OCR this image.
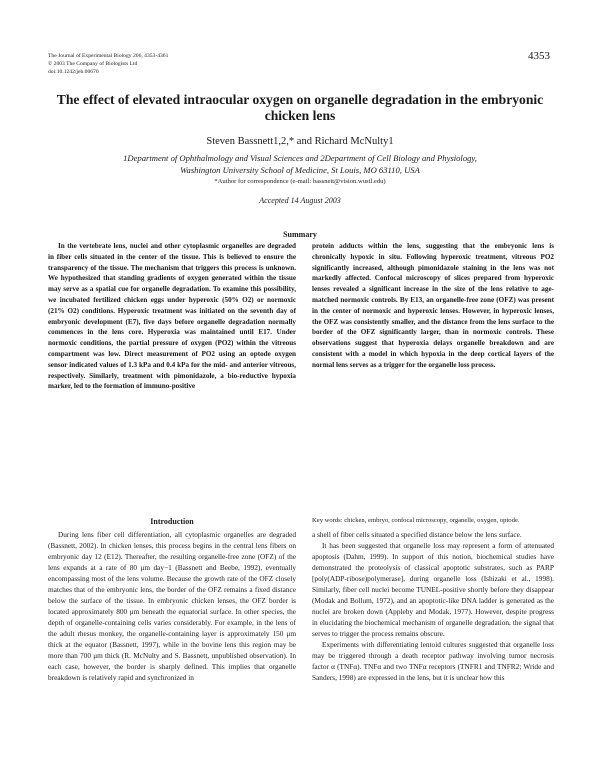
The Journal of Experimental Biology 206, 4353-4361
© 2003 The Company of Biologists Ltd
doi:10.1242/jeb.00670
4353
The effect of elevated intraocular oxygen on organelle degradation in the embryonic chicken lens
Steven Bassnett1,2,* and Richard McNulty1
1Department of Ophthalmology and Visual Sciences and 2Department of Cell Biology and Physiology,
Washington University School of Medicine, St Louis, MO 63110, USA
*Author for correspondence (e-mail: bassnett@vision.wustl.edu)
Accepted 14 August 2003
Summary

In the vertebrate lens, nuclei and other cytoplasmic organelles are degraded in fiber cells situated in the center of the tissue. This is believed to ensure the transparency of the tissue. The mechanism that triggers this process is unknown. We hypothesized that standing gradients of oxygen generated within the tissue may serve as a spatial cue for organelle degradation. To examine this possibility, we incubated fertilized chicken eggs under hyperoxic (50% O2) or normoxic (21% O2) conditions. Hyperoxic treatment was initiated on the seventh day of embryonic development (E7), five days before organelle degradation normally commences in the lens core. Hyperoxia was maintained until E17. Under normoxic conditions, the partial pressure of oxygen (PO2) within the vitreous compartment was low. Direct measurement of PO2 using an optode oxygen sensor indicated values of 1.3 kPa and 0.4 kPa for the mid- and anterior vitreous, respectively. Similarly, treatment with pimonidazole, a bio-reductive hypoxia marker, led to the formation of immuno-positive

protein adducts within the lens, suggesting that the embryonic lens is chronically hypoxic in situ. Following hyperoxic treatment, vitreous PO2 significantly increased, although pimonidazole staining in the lens was not markedly affected. Confocal microscopy of slices prepared from hyperoxic lenses revealed a significant increase in the size of the lens relative to age-matched normoxic controls. By E13, an organelle-free zone (OFZ) was present in the center of normoxic and hyperoxic lenses. However, in hyperoxic lenses, the OFZ was consistently smaller, and the distance from the lens surface to the border of the OFZ significantly larger, than in normoxic controls. These observations suggest that hyperoxia delays organelle breakdown and are consistent with a model in which hypoxia in the deep cortical layers of the normal lens serves as a trigger for the organelle loss process.

Key words: chicken, embryo, confocal microscopy, organelle, oxygen, optode.
Introduction
During lens fiber cell differentiation, all cytoplasmic organelles are degraded (Bassnett, 2002). In chicken lenses, this process begins in the central lens fibers on embryonic day 12 (E12). Thereafter, the resulting organelle-free zone (OFZ) of the lens expands at a rate of 80 μm day−1 (Bassnett and Beebe, 1992), eventually encompassing most of the lens volume. Because the growth rate of the OFZ closely matches that of the embryonic lens, the border of the OFZ remains a fixed distance below the surface of the tissue. In embryonic chicken lenses, the OFZ border is located approximately 800 μm beneath the equatorial surface. In other species, the depth of organelle-containing cells varies considerably. For example, in the lens of the adult rhesus monkey, the organelle-containing layer is approximately 150 μm thick at the equator (Bassnett, 1997), while in the bovine lens this region may be more than 700 μm thick (R. McNulty and S. Bassnett, unpublished observation). In each case, however, the border is sharply defined. This implies that organelle breakdown is relatively rapid and synchronized in

a shell of fiber cells situated a specified distance below the lens surface.

It has been suggested that organelle loss may represent a form of attenuated apoptosis (Dahm, 1999). In support of this notion, biochemical studies have demonstrated the proteolysis of classical apoptotic substrates, such as PARP [poly(ADP-ribose)polymerase], during organelle loss (Ishizaki et al., 1998). Similarly, fiber cell nuclei become TUNEL-positive shortly before they disappear (Modak and Bollum, 1972), and an apoptotic-like DNA ladder is generated as the nuclei are broken down (Appleby and Modak, 1977). However, despite progress in elucidating the biochemical mechanism of organelle degradation, the signal that serves to trigger the process remains obscure.

Experiments with differentiating lentoid cultures suggested that organelle loss may be triggered through a death receptor pathway involving tumor necrosis factor α (TNFα). TNFα and two TNFα receptors (TNFR1 and TNFR2; Wride and Sanders, 1998) are expressed in the lens, but it is unclear how this
